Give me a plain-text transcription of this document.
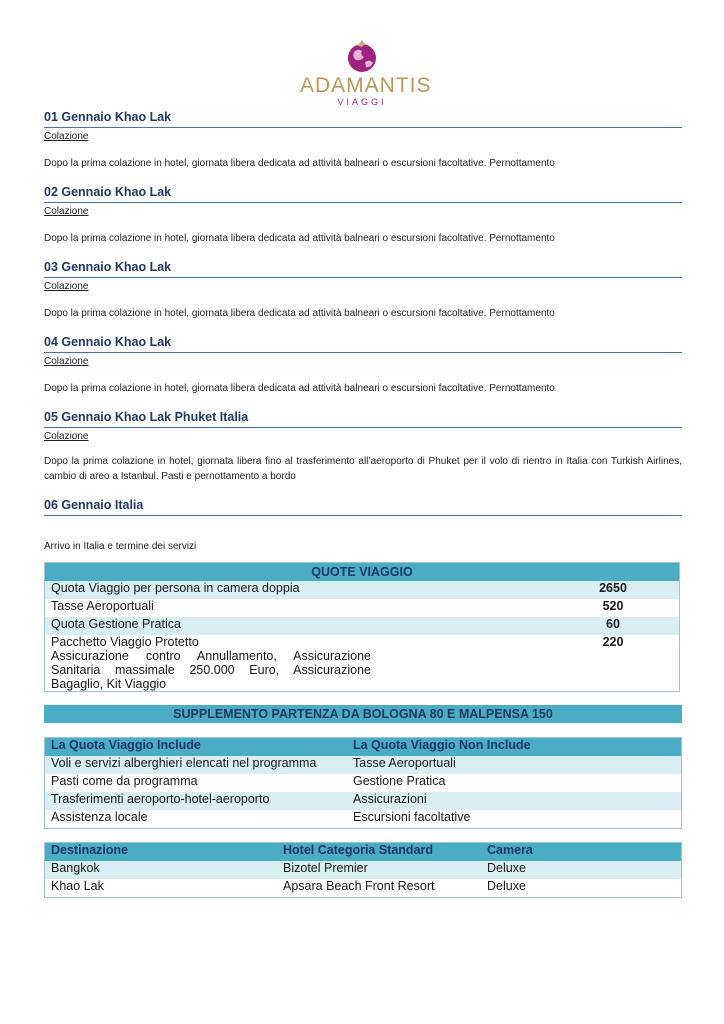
ADAMANTIS
VIAGGI
01 Gennaio Khao Lak
Colazione
Dopo la prima colazione in hotel, giornata libera dedicata ad attività balneari o escursioni facoltative. Pernottamento
02 Gennaio Khao Lak
Colazione
Dopo la prima colazione in hotel, giornata libera dedicata ad attività balneari o escursioni facoltative. Pernottamento
03 Gennaio Khao Lak
Colazione
Dopo la prima colazione in hotel, giornata libera dedicata ad attività balneari o escursioni facoltative. Pernottamento
04 Gennaio Khao Lak
Colazione
Dopo la prima colazione in hotel, giornata libera dedicata ad attività balneari o escursioni facoltative. Pernottamento
05 Gennaio Khao Lak Phuket Italia
Colazione
Dopo la prima colazione in hotel, giornata libera fino al trasferimento all’aeroporto di Phuket per il volo di rientro in Italia con Turkish Airlines, cambio di areo a Istanbul. Pasti e pernottamento a bordo
06 Gennaio Italia
Arrivo in Italia e termine dei servizi
QUOTE VIAGGIO	
Quota Viaggio per persona in camera doppia	2650
Tasse Aeroportuali	520
Quota Gestione Pratica	60

Pacchetto Viaggio Protetto
Assicurazione contro Annullamento, Assicurazione Sanitaria massimale 250.000 Euro, Assicurazione Bagaglio, Kit Viaggio	220
SUPPLEMENTO PARTENZA DA BOLOGNA 80 E MALPENSA 150
La Quota Viaggio Include	La Quota Viaggio Non Include
Voli e servizi alberghieri elencati nel programma	Tasse Aeroportuali
Pasti come da programma	Gestione Pratica
Trasferimenti aeroporto-hotel-aeroporto	Assicurazioni
Assistenza locale	Escursioni facoltative
Destinazione	Hotel Categoria Standard	Camera
Bangkok	Bizotel Premier	Deluxe
Khao Lak	Apsara Beach Front Resort	Deluxe
